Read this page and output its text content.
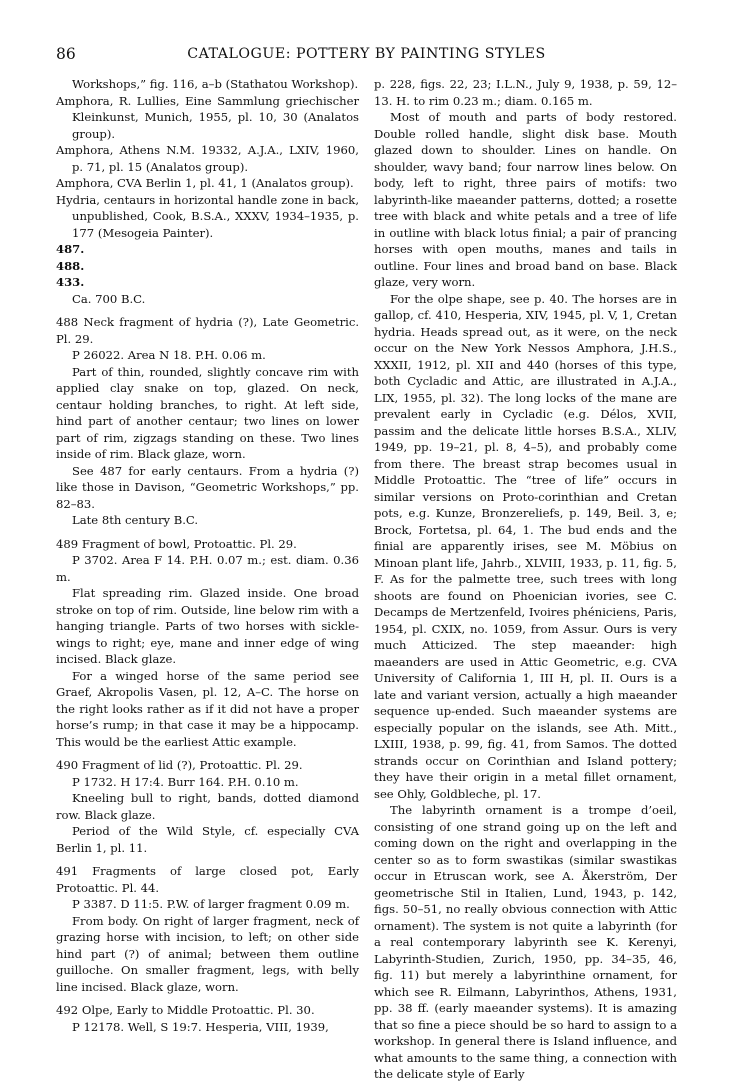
86	CATALOGUE: POTTERY BY PAINTING STYLES

Workshops,” fig. 116, a–b (Stathatou Workshop).

Amphora, R. Lullies, Eine Sammlung griechischer Kleinkunst, Munich, 1955, pl. 10, 30 (Analatos group).

Amphora, Athens N.M. 19332, A.J.A., LXIV, 1960, p. 71, pl. 15 (Analatos group).

Amphora, CVA Berlin 1, pl. 41, 1 (Analatos group).

Hydria, centaurs in horizontal handle zone in back, unpublished, Cook, B.S.A., XXXV, 1934–1935, p. 177 (Mesogeia Painter).

487.

488.

433.

Ca. 700 B.C.

488 Neck fragment of hydria (?), Late Geometric. Pl. 29.

P 26022. Area N 18. P.H. 0.06 m.

Part of thin, rounded, slightly concave rim with applied clay snake on top, glazed. On neck, centaur holding branches, to right. At left side, hind part of another centaur; two lines on lower part of rim, zigzags standing on these. Two lines inside of rim. Black glaze, worn.

See 487 for early centaurs. From a hydria (?) like those in Davison, “Geometric Workshops,” pp. 82–83.

Late 8th century B.C.

489 Fragment of bowl, Protoattic. Pl. 29.

P 3702. Area F 14. P.H. 0.07 m.; est. diam. 0.36 m.

Flat spreading rim. Glazed inside. One broad stroke on top of rim. Outside, line below rim with a hanging triangle. Parts of two horses with sickle-wings to right; eye, mane and inner edge of wing incised. Black glaze.

For a winged horse of the same period see Graef, Akropolis Vasen, pl. 12, A–C. The horse on the right looks rather as if it did not have a proper horse’s rump; in that case it may be a hippocamp. This would be the earliest Attic example.

490 Fragment of lid (?), Protoattic. Pl. 29.

P 1732. H 17:4. Burr 164. P.H. 0.10 m.

Kneeling bull to right, bands, dotted diamond row. Black glaze.

Period of the Wild Style, cf. especially CVA Berlin 1, pl. 11.

491 Fragments of large closed pot, Early Protoattic. Pl. 44.

P 3387. D 11:5. P.W. of larger fragment 0.09 m.

From body. On right of larger fragment, neck of grazing horse with incision, to left; on other side hind part (?) of animal; between them outline guilloche. On smaller fragment, legs, with belly line incised. Black glaze, worn.

492 Olpe, Early to Middle Protoattic. Pl. 30.

P 12178. Well, S 19:7. Hesperia, VIII, 1939,

p. 228, figs. 22, 23; I.L.N., July 9, 1938, p. 59, 12–13. H. to rim 0.23 m.; diam. 0.165 m.

Most of mouth and parts of body restored. Double rolled handle, slight disk base. Mouth glazed down to shoulder. Lines on handle. On shoulder, wavy band; four narrow lines below. On body, left to right, three pairs of motifs: two labyrinth-like maeander patterns, dotted; a rosette tree with black and white petals and a tree of life in outline with black lotus finial; a pair of prancing horses with open mouths, manes and tails in outline. Four lines and broad band on base. Black glaze, very worn.

For the olpe shape, see p. 40. The horses are in gallop, cf. 410, Hesperia, XIV, 1945, pl. V, 1, Cretan hydria. Heads spread out, as it were, on the neck occur on the New York Nessos Amphora, J.H.S., XXXII, 1912, pl. XII and 440 (horses of this type, both Cycladic and Attic, are illustrated in A.J.A., LIX, 1955, pl. 32). The long locks of the mane are prevalent early in Cycladic (e.g. Délos, XVII, passim and the delicate little horses B.S.A., XLIV, 1949, pp. 19–21, pl. 8, 4–5), and probably come from there. The breast strap becomes usual in Middle Protoattic. The “tree of life” occurs in similar versions on Proto-corinthian and Cretan pots, e.g. Kunze, Bronzereliefs, p. 149, Beil. 3, e; Brock, Fortetsa, pl. 64, 1. The bud ends and the finial are apparently irises, see M. Möbius on Minoan plant life, Jahrb., XLVIII, 1933, p. 11, fig. 5, F. As for the palmette tree, such trees with long shoots are found on Phoenician ivories, see C. Decamps de Mertzenfeld, Ivoires phéniciens, Paris, 1954, pl. CXIX, no. 1059, from Assur. Ours is very much Atticized. The step maeander: high maeanders are used in Attic Geometric, e.g. CVA University of California 1, III H, pl. II. Ours is a late and variant version, actually a high maeander sequence up-ended. Such maeander systems are especially popular on the islands, see Ath. Mitt., LXIII, 1938, p. 99, fig. 41, from Samos. The dotted strands occur on Corinthian and Island pottery; they have their origin in a metal fillet ornament, see Ohly, Goldbleche, pl. 17.

The labyrinth ornament is a trompe d’oeil, consisting of one strand going up on the left and coming down on the right and overlapping in the center so as to form swastikas (similar swastikas occur in Etruscan work, see A. Åkerström, Der geometrische Stil in Italien, Lund, 1943, p. 142, figs. 50–51, no really obvious connection with Attic ornament). The system is not quite a labyrinth (for a real contemporary labyrinth see K. Kerenyi, Labyrinth-Studien, Zurich, 1950, pp. 34–35, 46, fig. 11) but merely a labyrinthine ornament, for which see R. Eilmann, Labyrinthos, Athens, 1931, pp. 38 ff. (early maeander systems). It is amazing that so fine a piece should be so hard to assign to a workshop. In general there is Island influence, and what amounts to the same thing, a connection with the delicate style of Early
